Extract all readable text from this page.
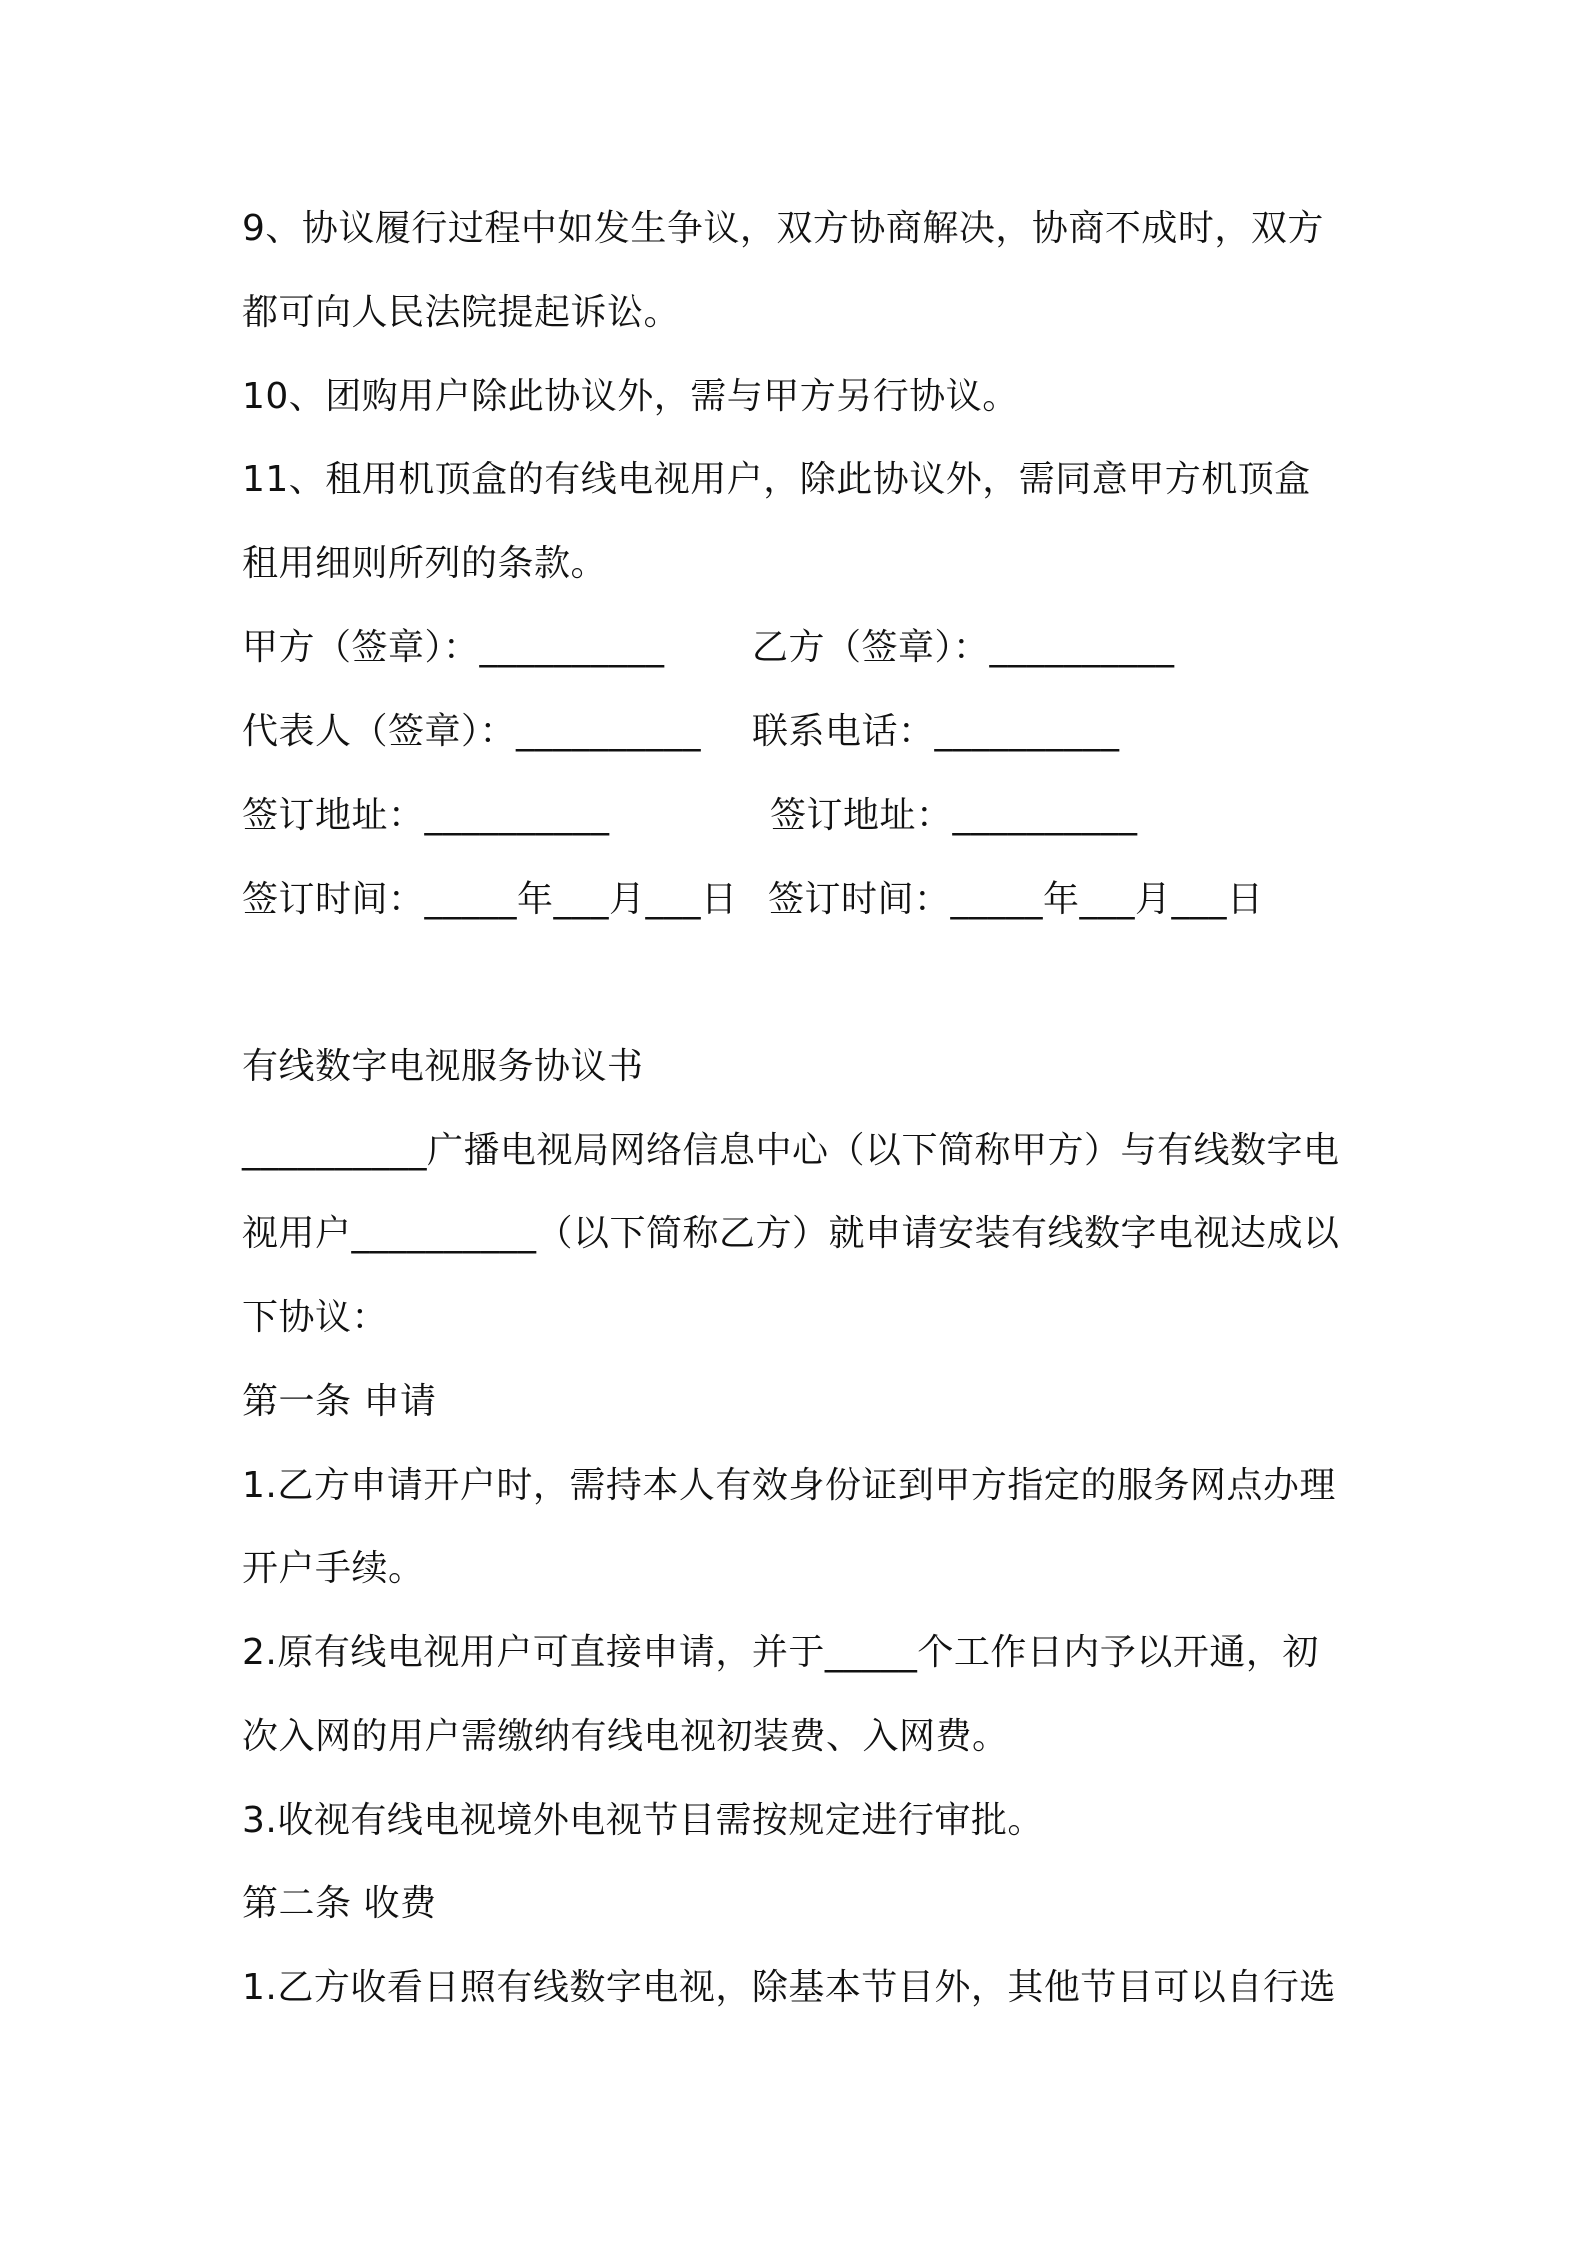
9、协议履行过程中如发生争议，双方协商解决，协商不成时，双方
都可向人民法院提起诉讼。
10、团购用户除此协议外，需与甲方另行协议。
11、租用机顶盒的有线电视用户，除此协议外，需同意甲方机顶盒
租用细则所列的条款。
甲方（签章）：__________ 乙方（签章）：__________
代表人（签章）：__________ 联系电话：__________
签订地址：__________	签订地址：__________
签订时间：_____年___月___日 签订时间：_____年___月___日
有线数字电视服务协议书
__________广播电视局网络信息中心（以下简称甲方）与有线数字电
视用户__________（以下简称乙方）就申请安装有线数字电视达成以
下协议：
第一条 申请
1.乙方申请开户时，需持本人有效身份证到甲方指定的服务网点办理
开户手续。
2.原有线电视用户可直接申请，并于_____个工作日内予以开通，初
次入网的用户需缴纳有线电视初装费、入网费。
3.收视有线电视境外电视节目需按规定进行审批。
第二条 收费
1.乙方收看日照有线数字电视，除基本节目外，其他节目可以自行选
